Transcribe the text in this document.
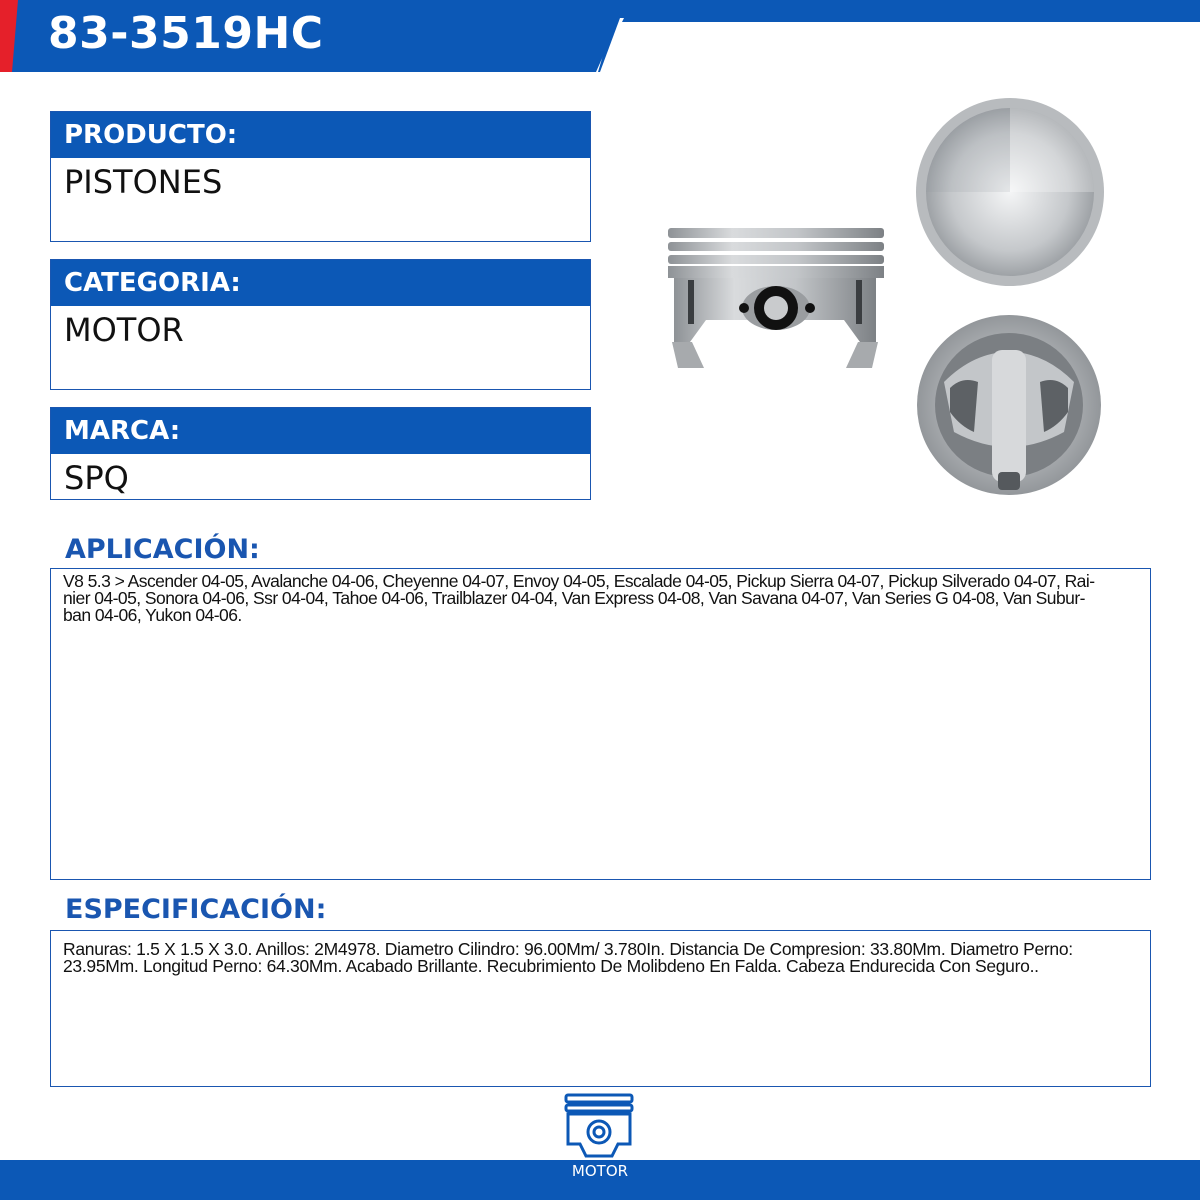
83-3519HC
PRODUCTO:
PISTONES
CATEGORIA:
MOTOR
MARCA:
SPQ
APLICACIÓN:
V8 5.3 > Ascender 04-05, Avalanche 04-06, Cheyenne 04-07, Envoy 04-05, Escalade 04-05, Pickup Sierra 04-07, Pickup Silverado 04-07, Rai-
nier 04-05, Sonora 04-06, Ssr 04-04, Tahoe 04-06, Trailblazer 04-04, Van Express 04-08, Van Savana 04-07, Van Series G 04-08, Van Subur-
ban 04-06, Yukon 04-06.
ESPECIFICACIÓN:
Ranuras: 1.5 X 1.5 X 3.0. Anillos: 2M4978. Diametro Cilindro: 96.00Mm/ 3.780In. Distancia De Compresion: 33.80Mm. Diametro Perno:
23.95Mm. Longitud Perno: 64.30Mm. Acabado Brillante. Recubrimiento De Molibdeno En Falda. Cabeza Endurecida Con Seguro..
MOTOR
